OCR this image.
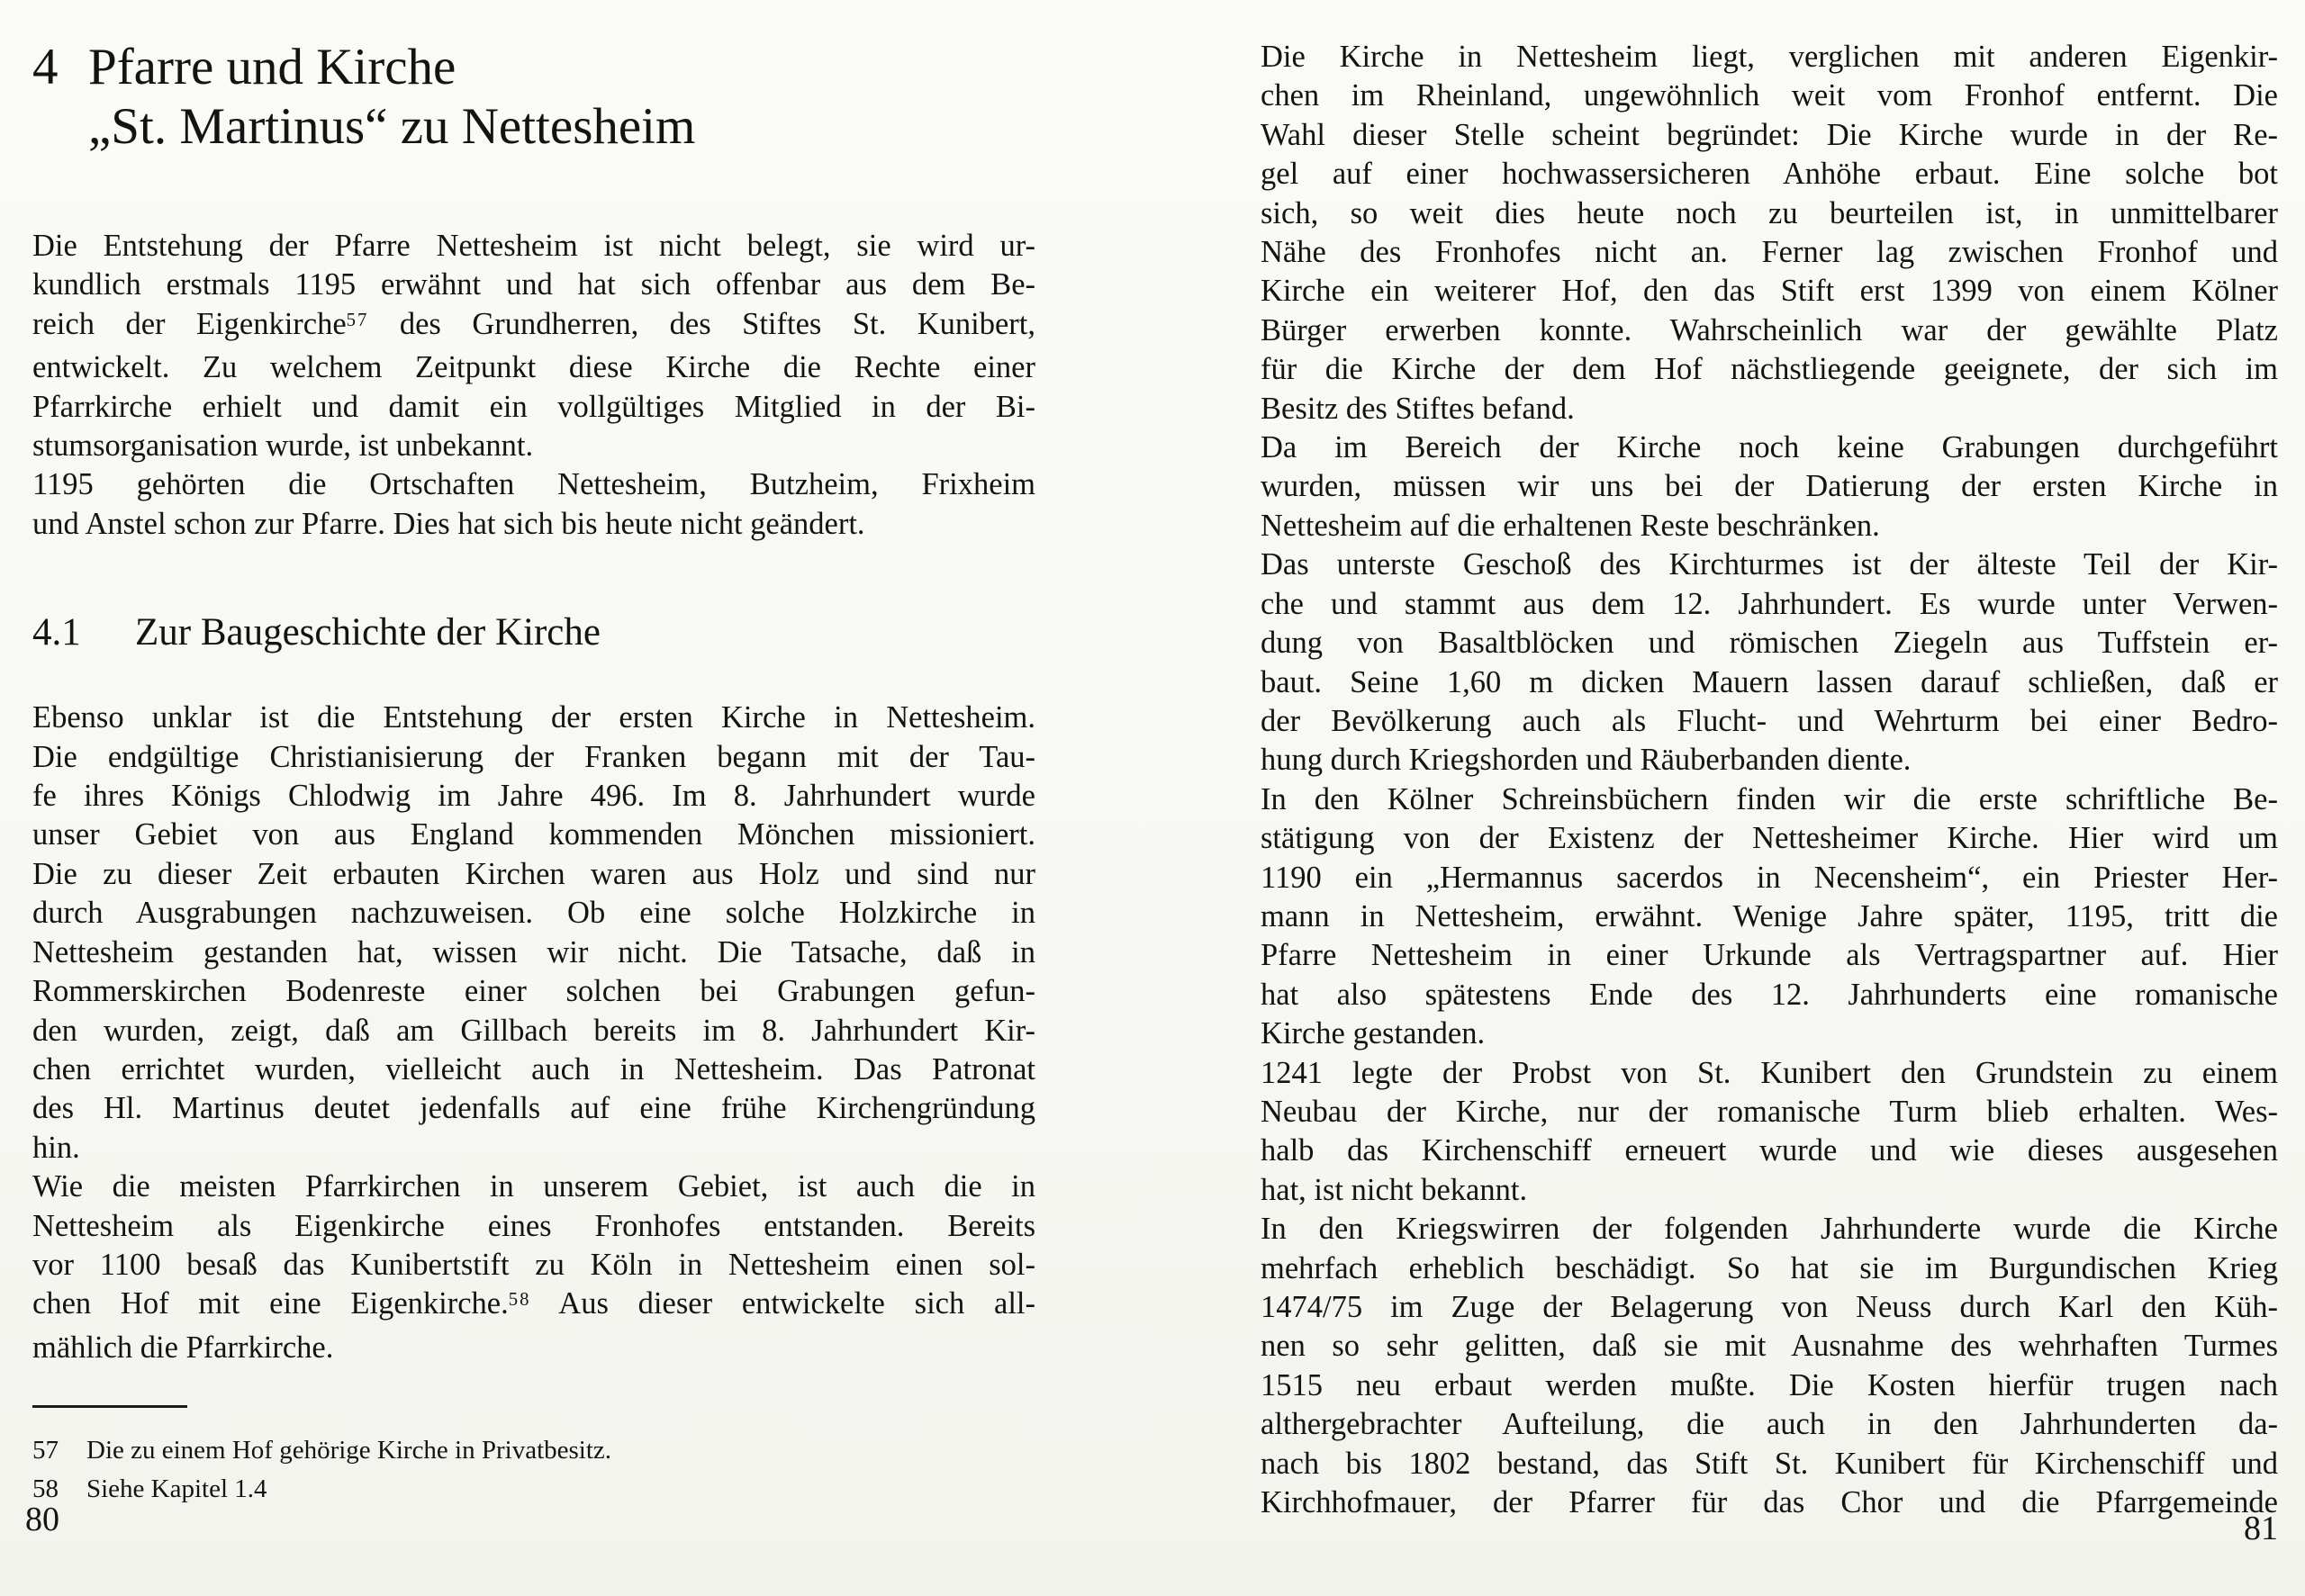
4 Pfarre und Kirche
„St. Martinus“ zu Nettesheim
Die Entstehung der Pfarre Nettesheim ist nicht belegt, sie wird ur-
kundlich erstmals 1195 erwähnt und hat sich offenbar aus dem Be-
reich der Eigenkirche$^{57}$ des Grundherren, des Stiftes St. Kunibert,
entwickelt. Zu welchem Zeitpunkt diese Kirche die Rechte einer
Pfarrkirche erhielt und damit ein vollgültiges Mitglied in der Bi-
stumsorganisation wurde, ist unbekannt.
1195 gehörten die Ortschaften Nettesheim, Butzheim, Frixheim
und Anstel schon zur Pfarre. Dies hat sich bis heute nicht geändert.
4.1	Zur Baugeschichte der Kirche
Ebenso unklar ist die Entstehung der ersten Kirche in Nettesheim.
Die endgültige Christianisierung der Franken begann mit der Tau-
fe ihres Königs Chlodwig im Jahre 496. Im 8. Jahrhundert wurde
unser Gebiet von aus England kommenden Mönchen missioniert.
Die zu dieser Zeit erbauten Kirchen waren aus Holz und sind nur
durch Ausgrabungen nachzuweisen. Ob eine solche Holzkirche in
Nettesheim gestanden hat, wissen wir nicht. Die Tatsache, daß in
Rommerskirchen Bodenreste einer solchen bei Grabungen gefun-
den wurden, zeigt, daß am Gillbach bereits im 8. Jahrhundert Kir-
chen errichtet wurden, vielleicht auch in Nettesheim. Das Patronat
des Hl. Martinus deutet jedenfalls auf eine frühe Kirchengründung
hin.
Wie die meisten Pfarrkirchen in unserem Gebiet, ist auch die in
Nettesheim als Eigenkirche eines Fronhofes entstanden. Bereits
vor 1100 besaß das Kunibertstift zu Köln in Nettesheim einen sol-
chen Hof mit eine Eigenkirche.$^{58}$ Aus dieser entwickelte sich all-
mählich die Pfarrkirche.
57	Die zu einem Hof gehörige Kirche in Privatbesitz.
58	Siehe Kapitel 1.4
Die Kirche in Nettesheim liegt, verglichen mit anderen Eigenkir-
chen im Rheinland, ungewöhnlich weit vom Fronhof entfernt. Die
Wahl dieser Stelle scheint begründet: Die Kirche wurde in der Re-
gel auf einer hochwassersicheren Anhöhe erbaut. Eine solche bot
sich, so weit dies heute noch zu beurteilen ist, in unmittelbarer
Nähe des Fronhofes nicht an. Ferner lag zwischen Fronhof und
Kirche ein weiterer Hof, den das Stift erst 1399 von einem Kölner
Bürger erwerben konnte. Wahrscheinlich war der gewählte Platz
für die Kirche der dem Hof nächstliegende geeignete, der sich im
Besitz des Stiftes befand.
Da im Bereich der Kirche noch keine Grabungen durchgeführt
wurden, müssen wir uns bei der Datierung der ersten Kirche in
Nettesheim auf die erhaltenen Reste beschränken.
Das unterste Geschoß des Kirchturmes ist der älteste Teil der Kir-
che und stammt aus dem 12. Jahrhundert. Es wurde unter Verwen-
dung von Basaltblöcken und römischen Ziegeln aus Tuffstein er-
baut. Seine 1,60 m dicken Mauern lassen darauf schließen, daß er
der Bevölkerung auch als Flucht- und Wehrturm bei einer Bedro-
hung durch Kriegshorden und Räuberbanden diente.
In den Kölner Schreinsbüchern finden wir die erste schriftliche Be-
stätigung von der Existenz der Nettesheimer Kirche. Hier wird um
1190 ein „Hermannus sacerdos in Necensheim“, ein Priester Her-
mann in Nettesheim, erwähnt. Wenige Jahre später, 1195, tritt die
Pfarre Nettesheim in einer Urkunde als Vertragspartner auf. Hier
hat also spätestens Ende des 12. Jahrhunderts eine romanische
Kirche gestanden.
1241 legte der Probst von St. Kunibert den Grundstein zu einem
Neubau der Kirche, nur der romanische Turm blieb erhalten. Wes-
halb das Kirchenschiff erneuert wurde und wie dieses ausgesehen
hat, ist nicht bekannt.
In den Kriegswirren der folgenden Jahrhunderte wurde die Kirche
mehrfach erheblich beschädigt. So hat sie im Burgundischen Krieg
1474/75 im Zuge der Belagerung von Neuss durch Karl den Küh-
nen so sehr gelitten, daß sie mit Ausnahme des wehrhaften Turmes
1515 neu erbaut werden mußte. Die Kosten hierfür trugen nach
althergebrachter Aufteilung, die auch in den Jahrhunderten da-
nach bis 1802 bestand, das Stift St. Kunibert für Kirchenschiff und
Kirchhofmauer, der Pfarrer für das Chor und die Pfarrgemeinde
80	81
